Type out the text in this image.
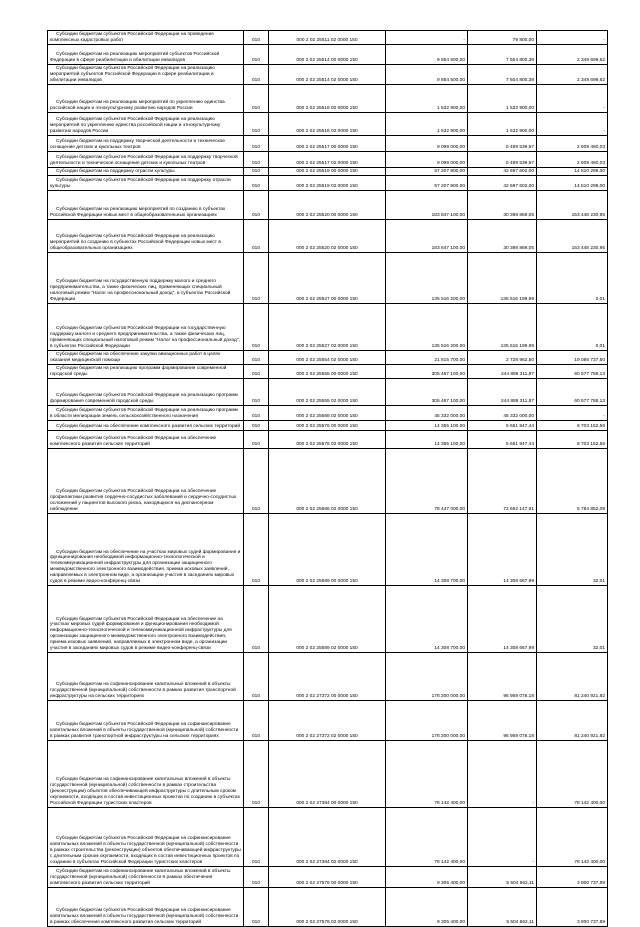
Субсидии бюджетам субъектов Российской Федерации на проведение комплексных кадастровых работ	010	000 2 02 25511 02 0000 150	-	79 800,00	-
Субсидии бюджетам на реализацию мероприятий субъектов Российской Федерации в сфере реабилитации и абилитации инвалидов	010	000 2 02 25514 00 0000 150	9 854 500,00	7 504 800,38	2 349 699,62
Субсидии бюджетам субъектов Российской Федерации на реализацию мероприятий субъектов Российской Федерации в сфере реабилитации и абилитации инвалидов	010	000 2 02 25514 02 0000 150	9 854 500,00	7 504 800,38	2 349 699,62
Субсидии бюджетам на реализацию мероприятий по укреплению единства российской нации и этнокультурному развитию народов России	010	000 2 02 25516 00 0000 150	1 532 900,00	1 532 900,00	-
Субсидии бюджетам субъектов Российской Федерации на реализацию мероприятий по укреплению единства российской нации и этнокультурному развитию народов России	010	000 2 02 25516 02 0000 150	1 532 900,00	1 532 900,00	-
Субсидии бюджетам на поддержку творческой деятельности и техническое оснащение детских и кукольных театров	010	000 2 02 25517 00 0000 150	9 099 000,00	6 489 539,97	2 609 460,03
Субсидии бюджетам субъектов Российской Федерации на поддержку творческой деятельности и техническое оснащение детских и кукольных театров	010	000 2 02 25517 02 0000 150	9 099 000,00	6 489 539,97	2 609 460,03
Субсидии бюджетам на поддержку отрасли культуры	010	000 2 02 25519 00 0000 150	57 207 900,00	42 697 602,00	14 510 298,00
Субсидии бюджетам субъектов Российской Федерации на поддержку отрасли культуры	010	000 2 02 25519 02 0000 150	57 207 900,00	42 697 602,00	14 510 298,00
Субсидии бюджетам на реализацию мероприятий по созданию в субъектах Российской Федерации новых мест в общеобразовательных организациях	010	000 2 02 25520 00 0000 150	183 847 100,00	30 398 869,05	153 448 230,95
Субсидии бюджетам субъектов Российской Федерации на реализацию мероприятий по созданию в субъектах Российской Федерации новых мест в общеобразовательных организациях	010	000 2 02 25520 02 0000 150	183 847 100,00	30 398 869,05	153 448 230,95
Субсидии бюджетам на государственную поддержку малого и среднего предпринимательства, а также физических лиц, применяющих специальный налоговый режим "Налог на профессиональный доход", в субъектах Российской Федерации	010	000 2 02 25527 00 0000 150	135 516 200,00	135 516 199,99	0,01
Субсидии бюджетам субъектов Российской Федерации на государственную поддержку малого и среднего предпринимательства, а также физических лиц, применяющих специальный налоговый режим "Налог на профессиональный доход", в субъектах Российской Федерации	010	000 2 02 25527 02 0000 150	135 516 200,00	135 516 199,99	0,01
Субсидии бюджетам на обеспечение закупки авиационных работ в целях оказания медицинской помощи	010	000 2 02 25554 02 0000 150	21 815 700,00	2 728 962,50	19 086 737,50
Субсидии бюджетам на реализацию программ формирования современной городской среды	010	000 2 02 25555 00 0000 150	305 467 100,00	244 889 311,87	60 577 788,13
Субсидии бюджетам субъектов Российской Федерации на реализацию программ формирования современной городской среды	010	000 2 02 25555 02 0000 150	305 467 100,00	244 889 311,87	60 577 788,13
Субсидии бюджетам субъектов Российской Федерации на реализацию программ в области мелиорации земель сельскохозяйственного назначения	010	000 2 02 25568 02 0000 150	45 332 000,00	45 332 000,00	-
Субсидии бюджетам на обеспечение комплексного развития сельских территорий	010	000 2 02 25576 00 0000 150	14 355 100,00	5 651 947,44	8 703 152,56
Субсидии бюджетам субъектов Российской Федерации на обеспечение комплексного развития сельских территорий	010	000 2 02 25576 02 0000 150	14 355 100,00	5 651 947,44	8 703 152,56
Субсидии бюджетам субъектов Российской Федерации на обеспечение профилактики развития сердечно-сосудистых заболеваний и сердечно-сосудистых осложнений у пациентов высокого риска, находящихся на диспансерном наблюдении	010	000 2 02 25586 02 0000 150	78 447 000,00	72 662 147,91	5 784 852,09
Субсидии бюджетам на обеспечение на участках мировых судей формирования и функционирования необходимой информационно-технологической и телекоммуникационной инфраструктуры для организации защищенного межведомственного электронного взаимодействия, приема исковых заявлений, направляемых в электронном виде, а организации участия в заседаниях мировых судов в режиме видео-конференц-связи	010	000 2 02 25589 00 0000 150	14 308 700,00	14 308 667,99	32,01
Субсидии бюджетам субъектов Российской Федерации на обеспечение на участках мировых судей формирования и функционирования необходимой информационно-технологической и телекоммуникационной инфраструктуры для организации защищенного межведомственного электронного взаимодействия, приема исковых заявлений, направляемых в электронном виде, а организации участия в заседаниях мировых судов в режиме видео-конференц-связи	010	000 2 02 25589 02 0000 150	14 308 700,00	14 308 667,99	32,01
Субсидии бюджетам на софинансирование капитальных вложений в объекты государственной (муниципальной) собственности в рамках развития транспортной инфраструктуры на сельских территориях	010	000 2 02 27372 00 0000 150	178 200 000,00	96 959 078,18	81 240 921,82
Субсидии бюджетам субъектов Российской Федерации на софинансирование капитальных вложений в объекты государственной (муниципальной) собственности в рамках развития транспортной инфраструктуры на сельских территориях	010	000 2 02 27372 02 0000 150	178 200 000,00	96 959 078,18	81 240 921,82
Субсидии бюджетам на софинансирование капитальных вложений в объекты государственной (муниципальной) собственности в рамках строительства (реконструкции) объектов обеспечивающей инфраструктуры с длительным сроком окупаемости, входящих в состав инвестиционных проектов по созданию в субъектах Российской Федерации туристских кластеров	010	000 2 02 27384 00 0000 150	78 142 400,00	-	78 142 400,00
Субсидии бюджетам субъектов Российской Федерации на софинансирование капитальных вложений в объекты государственной (муниципальной) собственности в рамках строительства (реконструкции) объектов обеспечивающей инфраструктуры с длительным сроком окупаемости, входящих в состав инвестиционных проектов по созданию в субъектах Российской Федерации туристских кластеров	010	000 2 02 27384 02 0000 150	78 142 400,00	-	78 142 400,00
Субсидии бюджетам на софинансирование капитальных вложений в объекты государственной (муниципальной) собственности в рамках обеспечения комплексного развития сельских территорий	010	000 2 02 27576 00 0000 150	9 305 400,00	5 504 662,11	3 800 737,89
Субсидии бюджетам субъектов Российской Федерации на софинансирование капитальных вложений в объекты государственной (муниципальной) собственности в рамках обеспечения комплексного развития сельских территорий	010	000 2 02 27576 02 0000 150	9 305 400,00	5 504 662,11	3 800 737,89
